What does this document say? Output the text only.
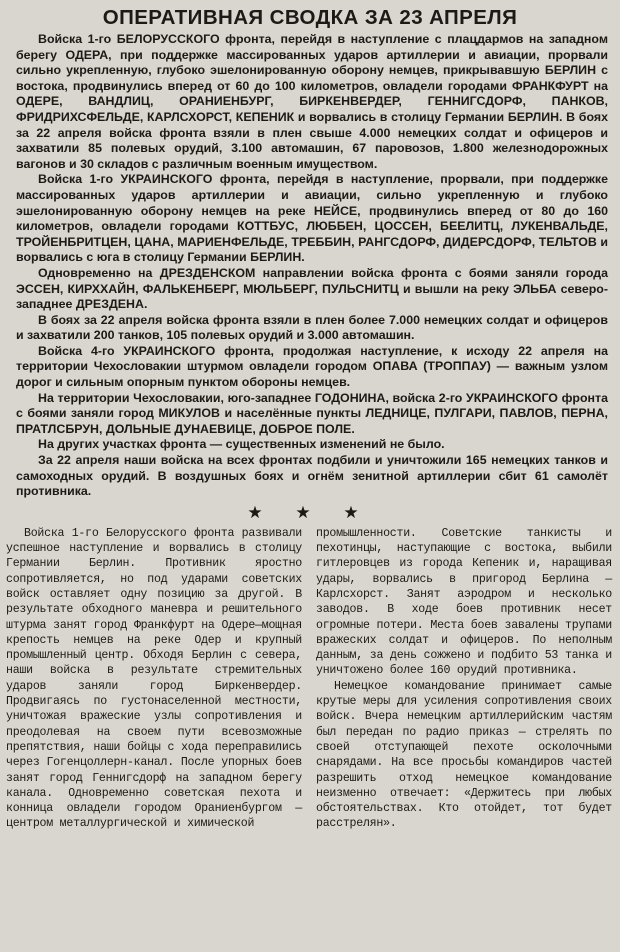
ОПЕРАТИВНАЯ СВОДКА ЗА 23 АПРЕЛЯ

Войска 1-го БЕЛОРУССКОГО фронта, перейдя в наступление с плацдармов на западном берегу ОДЕРА, при поддержке массированных ударов артиллерии и авиации, прорвали сильно укрепленную, глубоко эшелонированную оборону немцев, прикрывавшую БЕРЛИН с востока, продвинулись вперед от 60 до 100 километров, овладели городами ФРАНКФУРТ на ОДЕРЕ, ВАНДЛИЦ, ОРАНИЕНБУРГ, БИРКЕНВЕРДЕР, ГЕННИГСДОРФ, ПАНКОВ, ФРИДРИХСФЕЛЬДЕ, КАРЛСХОРСТ, КЕПЕНИК и ворвались в столицу Германии БЕРЛИН. В боях за 22 апреля войска фронта взяли в плен свыше 4.000 немецких солдат и офицеров и захватили 85 полевых орудий, 3.100 автомашин, 67 паровозов, 1.800 железнодорожных вагонов и 30 складов с различным военным имуществом.

Войска 1-го УКРАИНСКОГО фронта, перейдя в наступление, прорвали, при поддержке массированных ударов артиллерии и авиации, сильно укрепленную и глубоко эшелонированную оборону немцев на реке НЕЙСЕ, продвинулись вперед от 80 до 160 километров, овладели городами КОТТБУС, ЛЮББЕН, ЦОССЕН, БЕЕЛИТЦ, ЛУКЕНВАЛЬДЕ, ТРОЙЕНБРИТЦЕН, ЦАНА, МАРИЕНФЕЛЬДЕ, ТРЕББИН, РАНГСДОРФ, ДИДЕРСДОРФ, ТЕЛЬТОВ и ворвались с юга в столицу Германии БЕРЛИН.

Одновременно на ДРЕЗДЕНСКОМ направлении войска фронта с боями заняли города ЭССЕН, КИРХХАЙН, ФАЛЬКЕНБЕРГ, МЮЛЬБЕРГ, ПУЛЬСНИТЦ и вышли на реку ЭЛЬБА северо-западнее ДРЕЗДЕНА.

В боях за 22 апреля войска фронта взяли в плен более 7.000 немецких солдат и офицеров и захватили 200 танков, 105 полевых орудий и 3.000 автомашин.

Войска 4-го УКРАИНСКОГО фронта, продолжая наступление, к исходу 22 апреля на территории Чехословакии штурмом овладели городом ОПАВА (ТРОППАУ) — важным узлом дорог и сильным опорным пунктом обороны немцев.

На территории Чехословакии, юго-западнее ГОДОНИНА, войска 2-го УКРАИНСКОГО фронта с боями заняли город МИКУЛОВ и населённые пункты ЛЕДНИЦЕ, ПУЛГАРИ, ПАВЛОВ, ПЕРНА, ПРАТЛСБРУН, ДОЛЬНЫЕ ДУНАЕВИЦЕ, ДОБРОЕ ПОЛЕ.

На других участках фронта — существенных изменений не было.

За 22 апреля наши войска на всех фронтах подбили и уничтожили 165 немецких танков и самоходных орудий. В воздушных боях и огнём зенитной артиллерии сбит 61 самолёт противника.

★ ★ ★

Войска 1-го Белорусского фронта развивали успешное наступление и ворвались в столицу Германии Берлин. Противник яростно сопротивляется, но под ударами советских войск оставляет одну позицию за другой. В результате обходного маневра и решительного штурма занят город Франкфурт на Одере—мощная крепость немцев на реке Одер и крупный промышленный центр. Обходя Берлин с севера, наши войска в результате стремительных ударов заняли город Биркенвердер. Продвигаясь по густонаселенной местности, уничтожая вражеские узлы сопротивления и преодолевая на своем пути всевозможные препятствия, наши бойцы с хода переправились через Гогенцоллерн-канал. После упорных боев занят город Геннигсдорф на западном берегу канала. Одновременно советская пехота и конница овладели городом Ораниенбургом — центром металлургической и химической

промышленности. Советские танкисты и пехотинцы, наступающие с востока, выбили гитлеровцев из города Кепеник и, наращивая удары, ворвались в пригород Берлина — Карлсхорст. Занят аэродром и несколько заводов. В ходе боев противник несет огромные потери. Места боев завалены трупами вражеских солдат и офицеров. По неполным данным, за день сожжено и подбито 53 танка и уничтожено более 160 орудий противника.

Немецкое командование принимает самые крутые меры для усиления сопротивления своих войск. Вчера немецким артиллерийским частям был передан по радио приказ — стрелять по своей отступающей пехоте осколочными снарядами. На все просьбы командиров частей разрешить отход немецкое командование неизменно отвечает: «Держитесь при любых обстоятельствах. Кто отойдет, тот будет расстрелян».
